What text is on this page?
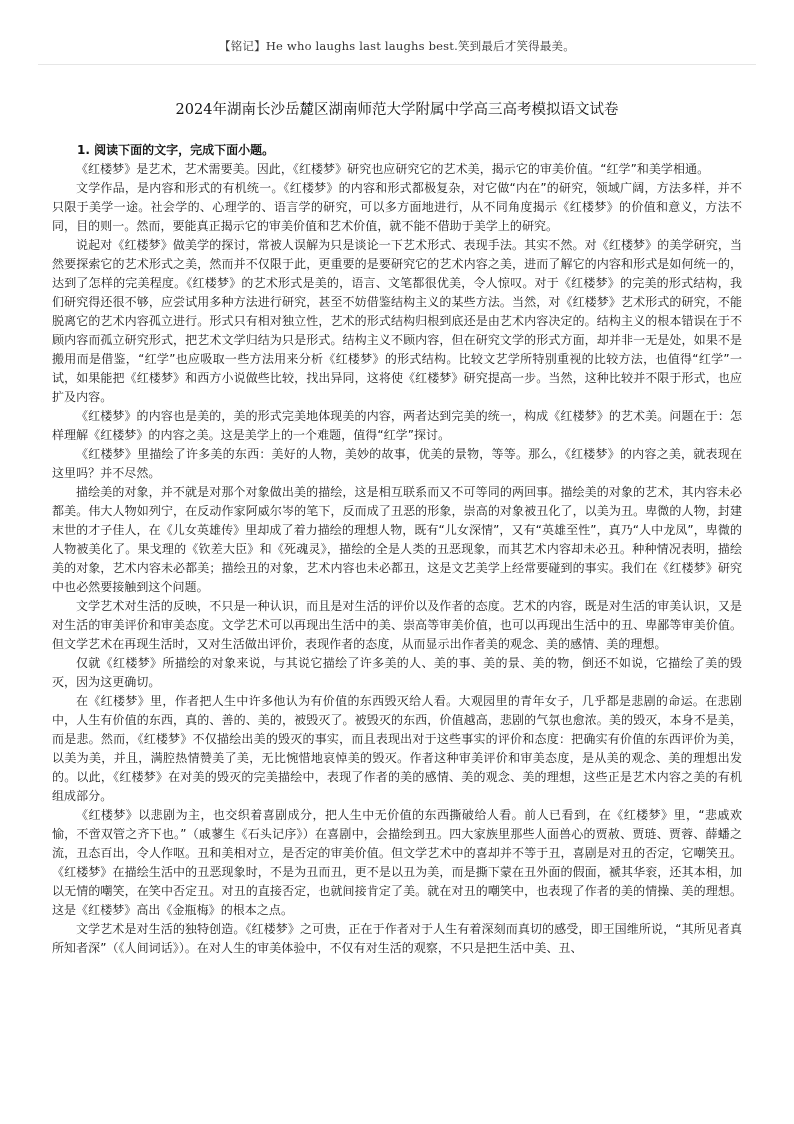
【铭记】He who laughs last laughs best.笑到最后才笑得最美。
2024年湖南长沙岳麓区湖南师范大学附属中学高三高考模拟语文试卷

1. 阅读下面的文字，完成下面小题。

《红楼梦》是艺术，艺术需要美。因此，《红楼梦》研究也应研究它的艺术美，揭示它的审美价值。“红学”和美学相通。

文学作品，是内容和形式的有机统一。《红楼梦》的内容和形式都极复杂，对它做“内在”的研究，领域广阔，方法多样，并不只限于美学一途。社会学的、心理学的、语言学的研究，可以多方面地进行，从不同角度揭示《红楼梦》的价值和意义，方法不同，目的则一。然而，要能真正揭示它的审美价值和艺术价值，就不能不借助于美学上的研究。

说起对《红楼梦》做美学的探讨，常被人误解为只是谈论一下艺术形式、表现手法。其实不然。对《红楼梦》的美学研究，当然要探索它的艺术形式之美，然而并不仅限于此，更重要的是要研究它的艺术内容之美，进而了解它的内容和形式是如何统一的，达到了怎样的完美程度。《红楼梦》的艺术形式是美的，语言、文笔都很优美，令人惊叹。对于《红楼梦》的完美的形式结构，我们研究得还很不够，应尝试用多种方法进行研究，甚至不妨借鉴结构主义的某些方法。当然，对《红楼梦》艺术形式的研究，不能脱离它的艺术内容孤立进行。形式只有相对独立性，艺术的形式结构归根到底还是由艺术内容决定的。结构主义的根本错误在于不顾内容而孤立研究形式，把艺术文学归结为只是形式。结构主义不顾内容，但在研究文学的形式方面，却并非一无是处，如果不是搬用而是借鉴，“红学”也应吸取一些方法用来分析《红楼梦》的形式结构。比较文艺学所特别重视的比较方法，也值得“红学”一试，如果能把《红楼梦》和西方小说做些比较，找出异同，这将使《红楼梦》研究提高一步。当然，这种比较并不限于形式，也应扩及内容。

《红楼梦》的内容也是美的，美的形式完美地体现美的内容，两者达到完美的统一，构成《红楼梦》的艺术美。问题在于：怎样理解《红楼梦》的内容之美。这是美学上的一个难题，值得“红学”探讨。

《红楼梦》里描绘了许多美的东西：美好的人物，美妙的故事，优美的景物，等等。那么，《红楼梦》的内容之美，就表现在这里吗？并不尽然。

描绘美的对象，并不就是对那个对象做出美的描绘，这是相互联系而又不可等同的两回事。描绘美的对象的艺术，其内容未必都美。伟大人物如列宁，在反动作家阿威尔岑的笔下，反而成了丑恶的形象，崇高的对象被丑化了，以美为丑。卑微的人物，封建末世的才子佳人，在《儿女英雄传》里却成了着力描绘的理想人物，既有“儿女深情”，又有“英雄至性”，真乃“人中龙凤”，卑微的人物被美化了。果戈理的《钦差大臣》和《死魂灵》，描绘的全是人类的丑恶现象，而其艺术内容却未必丑。种种情况表明，描绘美的对象，艺术内容未必都美；描绘丑的对象，艺术内容也未必都丑，这是文艺美学上经常要碰到的事实。我们在《红楼梦》研究中也必然要接触到这个问题。

文学艺术对生活的反映，不只是一种认识，而且是对生活的评价以及作者的态度。艺术的内容，既是对生活的审美认识，又是对生活的审美评价和审美态度。文学艺术可以再现出生活中的美、崇高等审美价值，也可以再现出生活中的丑、卑鄙等审美价值。但文学艺术在再现生活时，又对生活做出评价，表现作者的态度，从而显示出作者美的观念、美的感情、美的理想。

仅就《红楼梦》所描绘的对象来说，与其说它描绘了许多美的人、美的事、美的景、美的物，倒还不如说，它描绘了美的毁灭，因为这更确切。

在《红楼梦》里，作者把人生中许多他认为有价值的东西毁灭给人看。大观园里的青年女子，几乎都是悲剧的命运。在悲剧中，人生有价值的东西，真的、善的、美的，被毁灭了。被毁灭的东西，价值越高，悲剧的气氛也愈浓。美的毁灭，本身不是美，而是悲。然而，《红楼梦》不仅描绘出美的毁灭的事实，而且表现出对于这些事实的评价和态度：把确实有价值的东西评价为美，以美为美，并且，满腔热情赞美了美，无比惋惜地哀悼美的毁灭。作者这种审美评价和审美态度，是从美的观念、美的理想出发的。以此，《红楼梦》在对美的毁灭的完美描绘中，表现了作者的美的感情、美的观念、美的理想，这些正是艺术内容之美的有机组成部分。

《红楼梦》以悲剧为主，也交织着喜剧成分，把人生中无价值的东西撕破给人看。前人已看到，在《红楼梦》里，“悲戚欢愉，不啻双管之齐下也。”（戚蓼生《石头记序》）在喜剧中，会描绘到丑。四大家族里那些人面兽心的贾赦、贾琏、贾蓉、薛蟠之流，丑态百出，令人作呕。丑和美相对立，是否定的审美价值。但文学艺术中的喜却并不等于丑，喜剧是对丑的否定，它嘲笑丑。《红楼梦》在描绘生活中的丑恶现象时，不是为丑而丑，更不是以丑为美，而是撕下蒙在丑外面的假面，褫其华衮，还其本相，加以无情的嘲笑，在笑中否定丑。对丑的直接否定，也就间接肯定了美。就在对丑的嘲笑中，也表现了作者的美的情操、美的理想。这是《红楼梦》高出《金瓶梅》的根本之点。

文学艺术是对生活的独特创造。《红楼梦》之可贵，正在于作者对于人生有着深刻而真切的感受，即王国维所说，“其所见者真所知者深”（《人间词话》）。在对人生的审美体验中，不仅有对生活的观察，不只是把生活中美、丑、
